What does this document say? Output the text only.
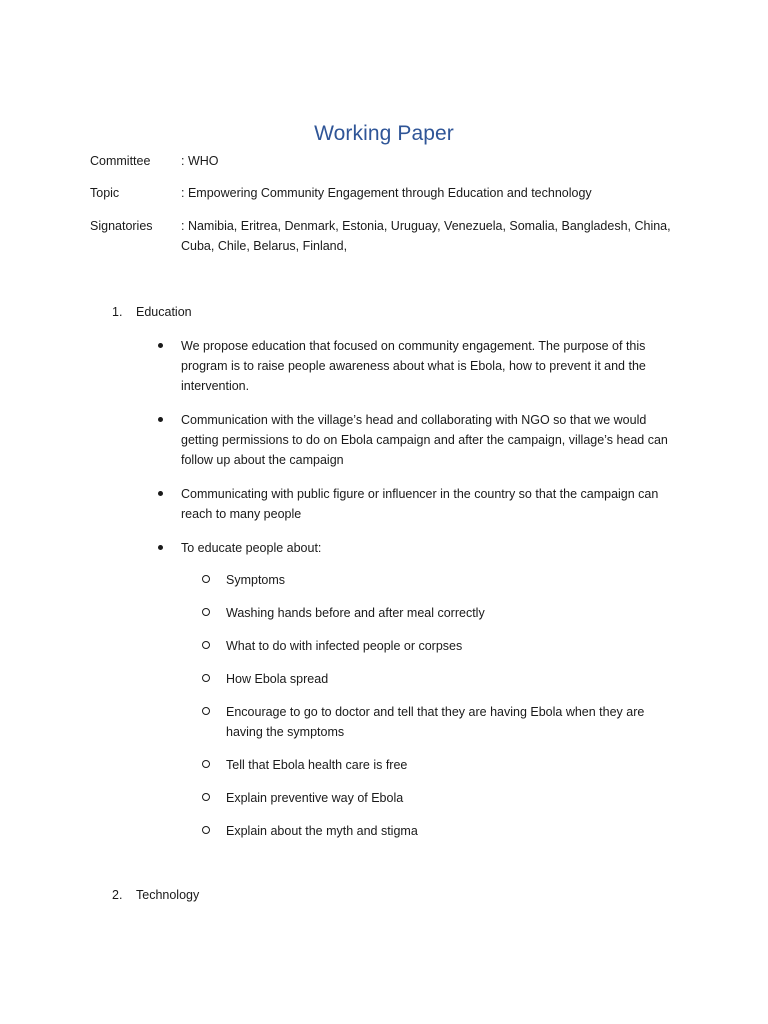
Working Paper
Committee	: WHO
Topic	: Empowering Community Engagement through Education and technology
Signatories	: Namibia, Eritrea, Denmark, Estonia, Uruguay, Venezuela, Somalia, Bangladesh, China,
Cuba, Chile, Belarus, Finland,
1. Education
We propose education that focused on community engagement. The purpose of this
program is to raise people awareness about what is Ebola, how to prevent it and the
intervention.
Communication with the village’s head and collaborating with NGO so that we would
getting permissions to do on Ebola campaign and after the campaign, village’s head can
follow up about the campaign
Communicating with public figure or influencer in the country so that the campaign can
reach to many people
To educate people about:
Symptoms
Washing hands before and after meal correctly
What to do with infected people or corpses
How Ebola spread
Encourage to go to doctor and tell that they are having Ebola when they are
having the symptoms
Tell that Ebola health care is free
Explain preventive way of Ebola
Explain about the myth and stigma
2. Technology
